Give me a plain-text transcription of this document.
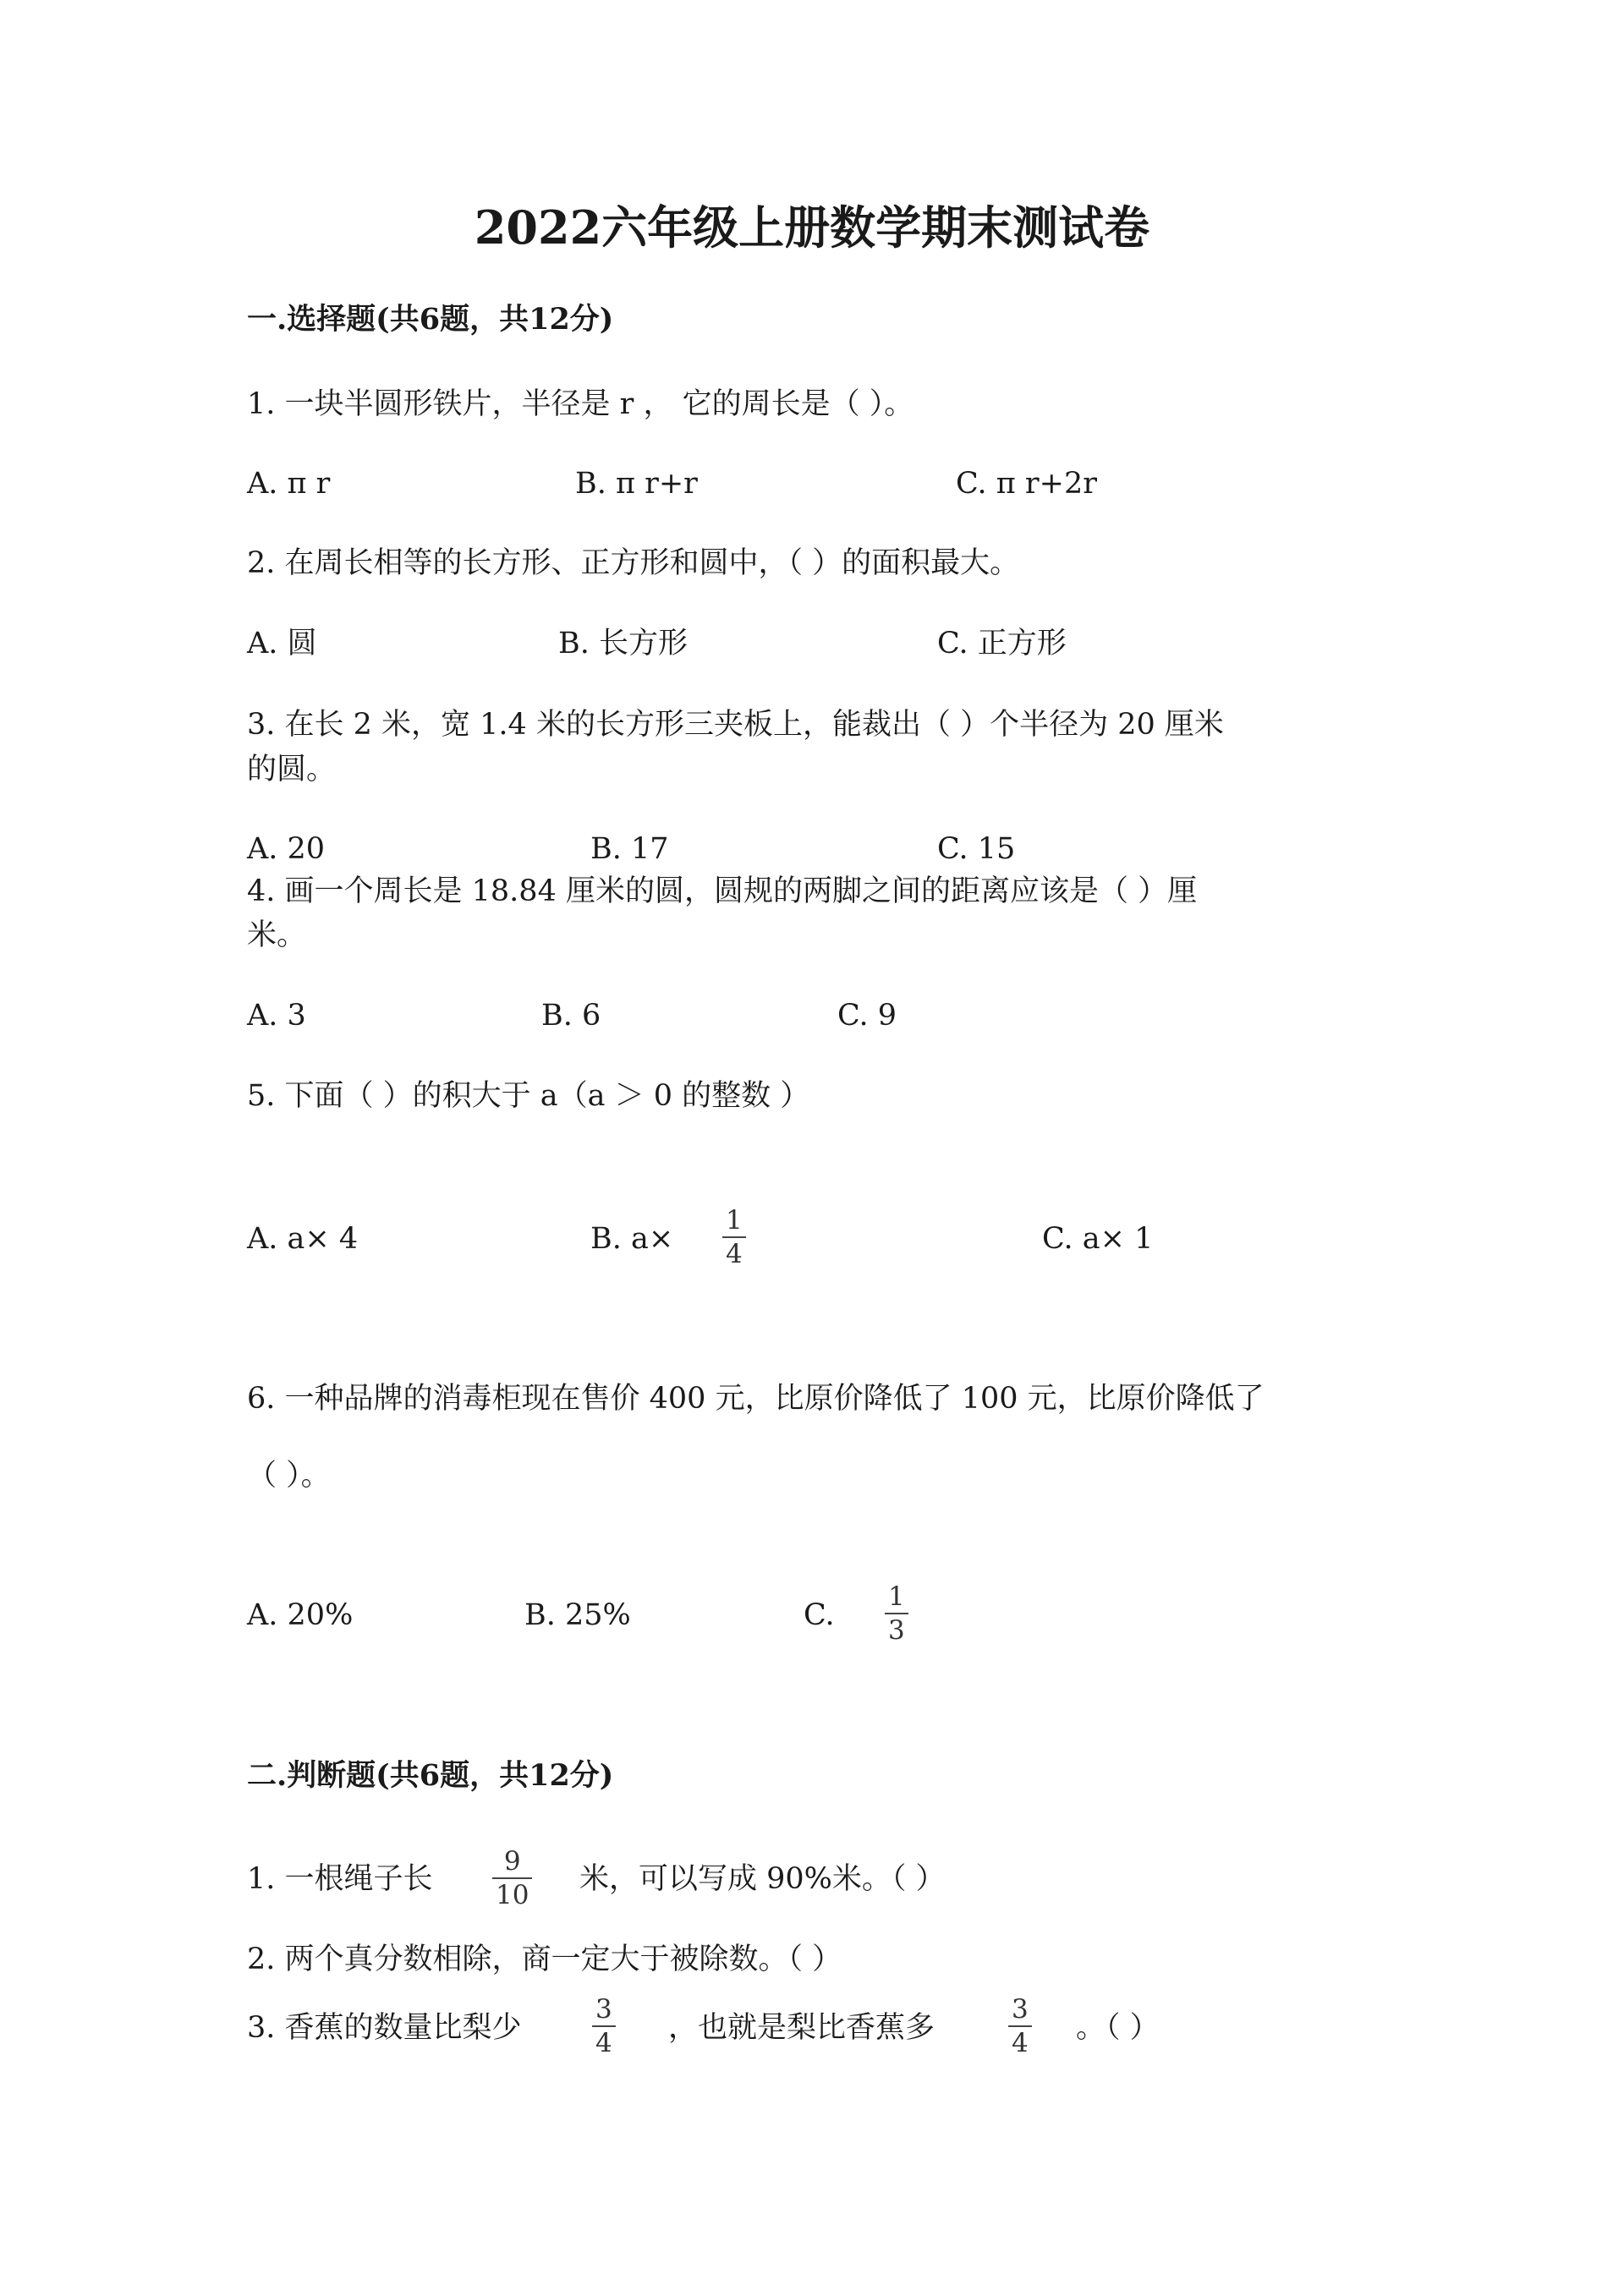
2022六年级上册数学期末测试卷
一.选择题(共6题，共12分)
1. 一块半圆形铁片，半径是 r ， 它的周长是（ ）。
A. π r	B. π r+r	C. π r+2r
2. 在周长相等的长方形、正方形和圆中，（ ）的面积最大。
A. 圆	B. 长方形	C. 正方形
3. 在长 2 米，宽 1.4 米的长方形三夹板上，能裁出（ ）个半径为 20 厘米
的圆。
A. 20	B. 17	C. 15
4. 画一个周长是 18.84 厘米的圆，圆规的两脚之间的距离应该是（ ）厘
米。
A. 3	B. 6	C. 9
5. 下面（ ）的积大于 a（a ＞ 0 的整数 ）
A. a× 4	B. a×
1
4	C. a× 1
6. 一种品牌的消毒柜现在售价 400 元，比原价降低了 100 元，比原价降低了
（ ）。
A. 20%	B. 25%	C.
1
3
二.判断题(共6题，共12分)
1. 一根绳子长
9
10 米，可以写成 90%米。（ ）
2. 两个真分数相除，商一定大于被除数。（ ）
3. 香蕉的数量比梨少
3
4 ，也就是梨比香蕉多
3
4 。（ ）
